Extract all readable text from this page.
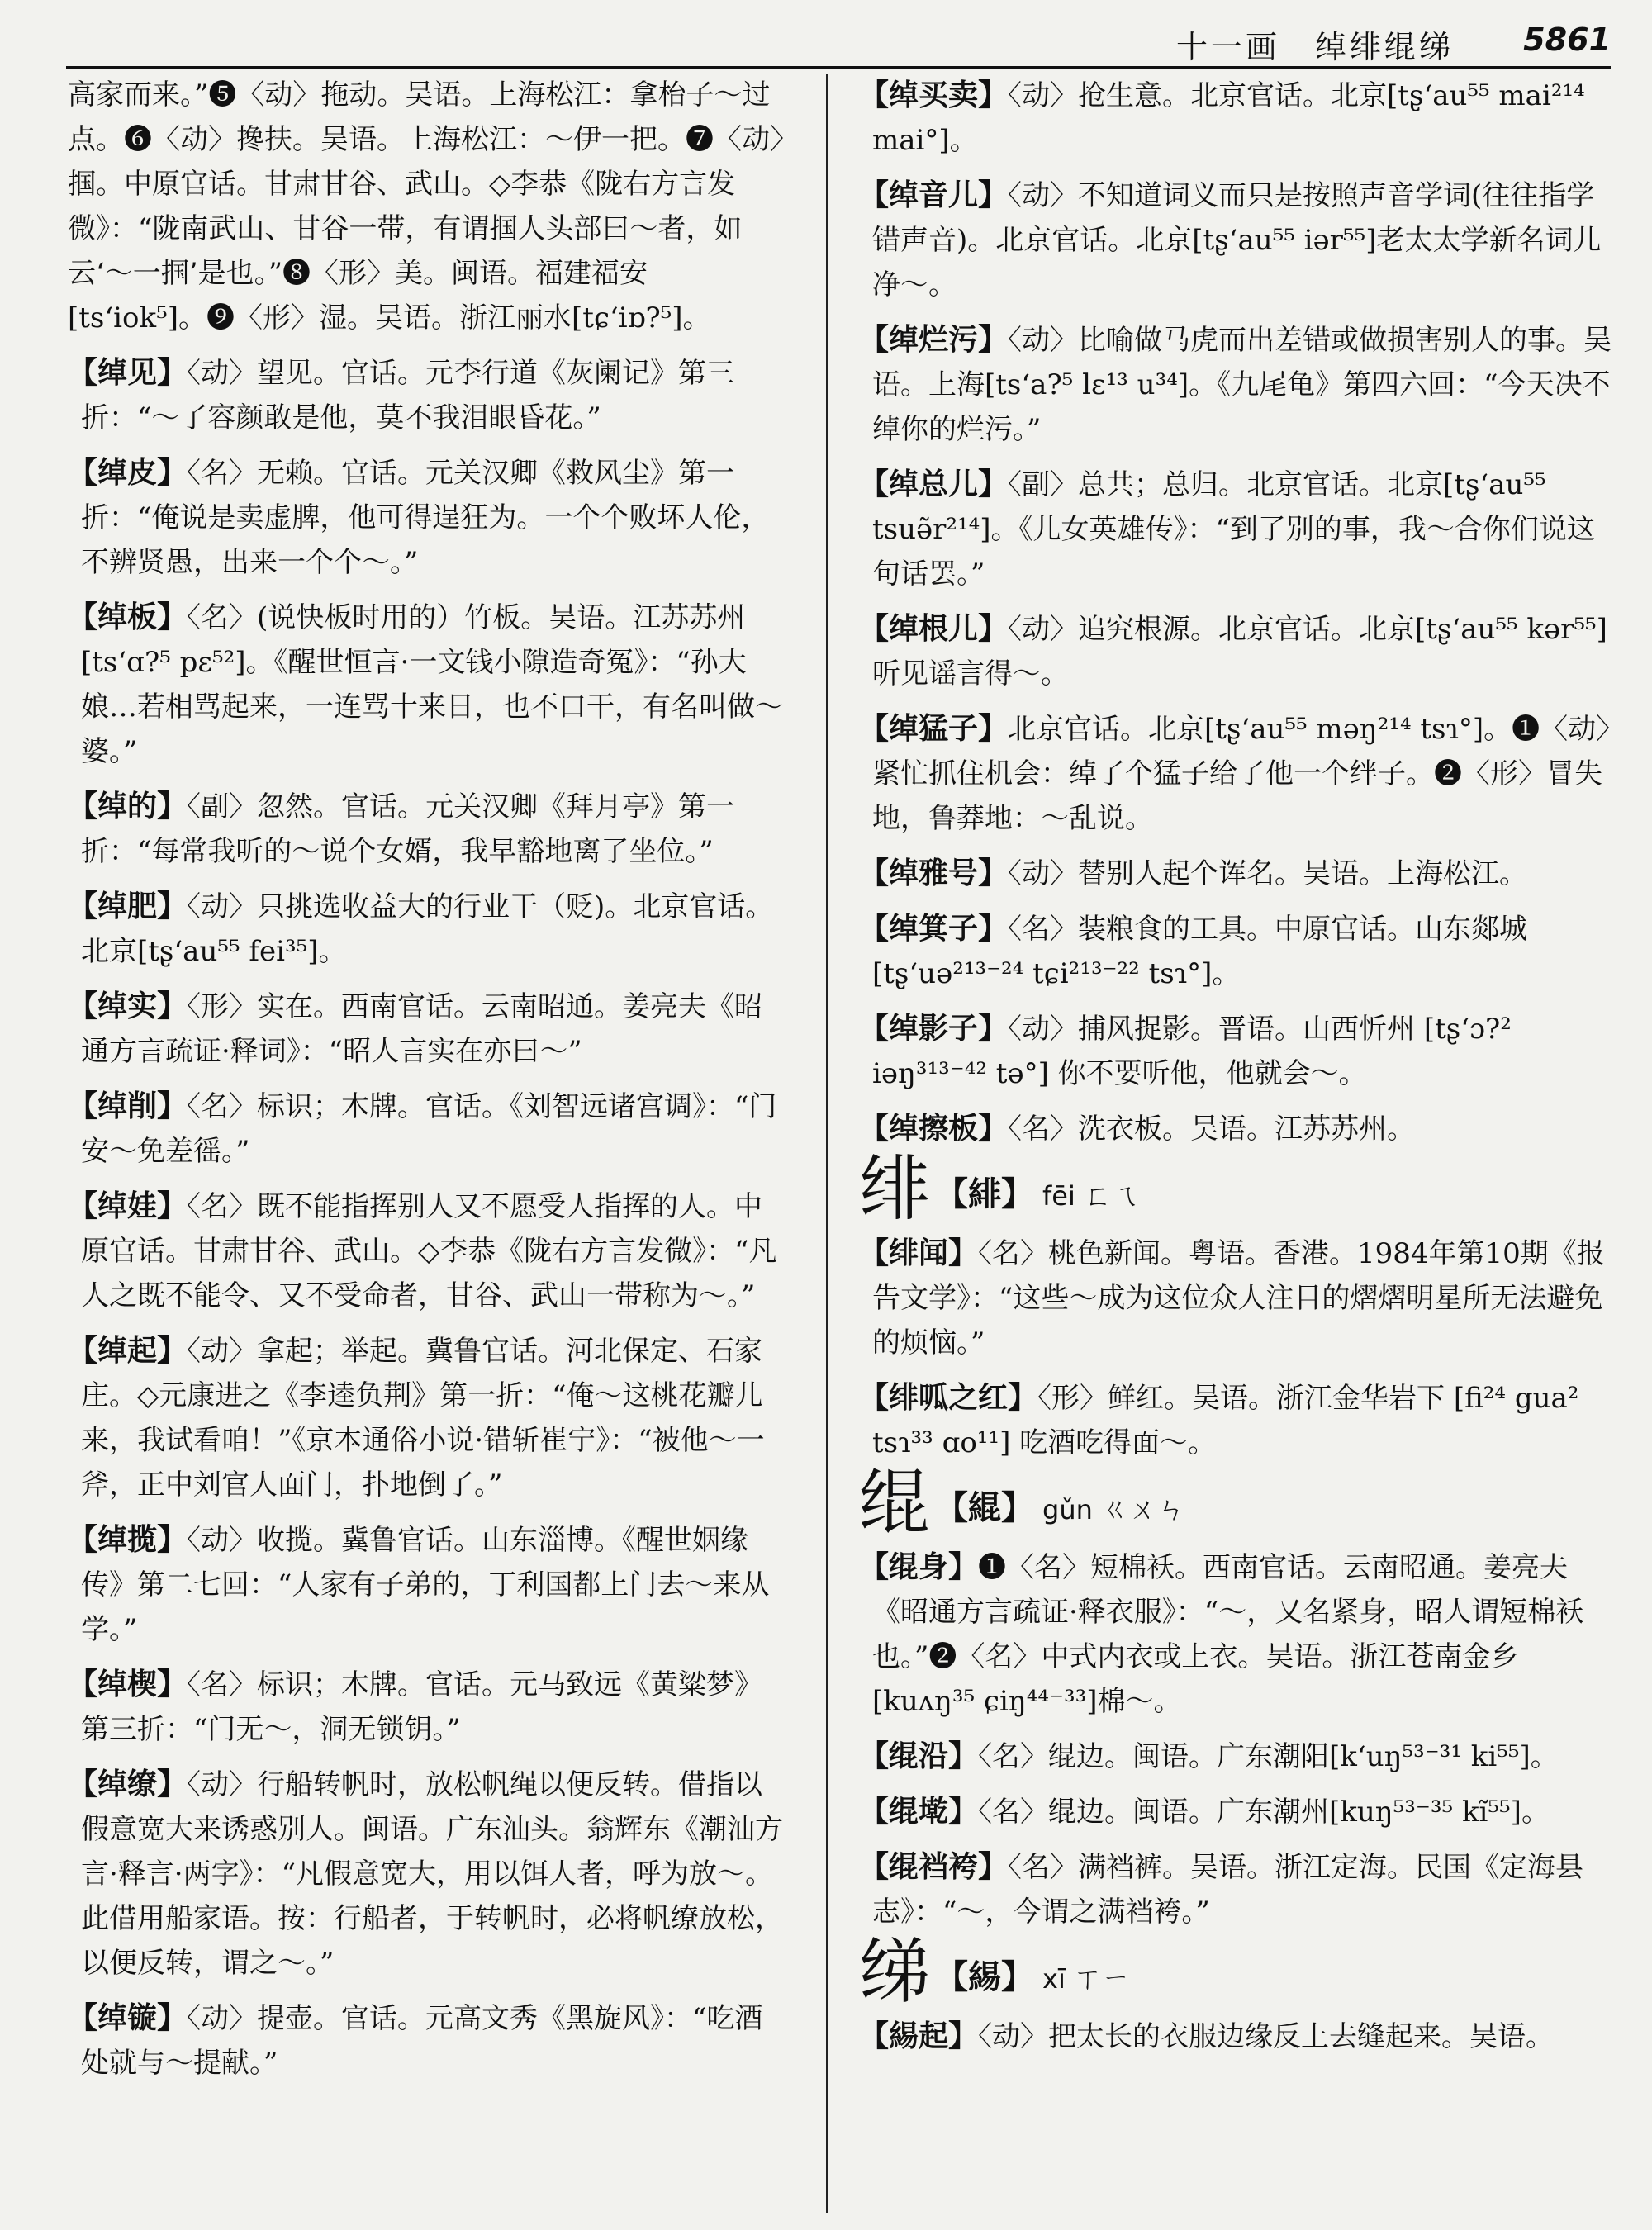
十一画　绰绯绲绨 5861

高家而来。”❺〈动〉拖动。吴语。上海松江：拿枱子～过点。❻〈动〉搀扶。吴语。上海松江：～伊一把。❼〈动〉掴。中原官话。甘肃甘谷、武山。◇李恭《陇右方言发微》：“陇南武山、甘谷一带，有谓掴人头部曰～者，如云‘～一掴’是也。”❽〈形〉美。闽语。福建福安[ts‘iok⁵]。❾〈形〉湿。吴语。浙江丽水[tɕ‘iɒ?⁵]。

【绰见】〈动〉望见。官话。元李行道《灰阑记》第三折：“～了容颜敢是他，莫不我泪眼昏花。”

【绰皮】〈名〉无赖。官话。元关汉卿《救风尘》第一折：“俺说是卖虚脾，他可得逞狂为。一个个败坏人伦，不辨贤愚，出来一个个～。”

【绰板】〈名〉(说快板时用的）竹板。吴语。江苏苏州[ts‘ɑ?⁵ pɛ⁵²]。《醒世恒言·一文钱小隙造奇冤》：“孙大娘…若相骂起来，一连骂十来日，也不口干，有名叫做～婆。”

【绰的】〈副〉忽然。官话。元关汉卿《拜月亭》第一折：“每常我听的～说个女婿，我早豁地离了坐位。”

【绰肥】〈动〉只挑选收益大的行业干（贬)。北京官话。北京[tʂ‘au⁵⁵ fei³⁵]。

【绰实】〈形〉实在。西南官话。云南昭通。姜亮夫《昭通方言疏证·释词》：“昭人言实在亦曰～”

【绰削】〈名〉标识；木牌。官话。《刘智远诸宫调》：“门安～免差徭。”

【绰娃】〈名〉既不能指挥别人又不愿受人指挥的人。中原官话。甘肃甘谷、武山。◇李恭《陇右方言发微》：“凡人之既不能令、又不受命者，甘谷、武山一带称为～。”

【绰起】〈动〉拿起；举起。冀鲁官话。河北保定、石家庄。◇元康进之《李逵负荆》第一折：“俺～这桃花瓣儿来，我试看咱！”《京本通俗小说·错斩崔宁》：“被他～一斧，正中刘官人面门，扑地倒了。”

【绰揽】〈动〉收揽。冀鲁官话。山东淄博。《醒世姻缘传》第二七回：“人家有子弟的，丁利国都上门去～来从学。”

【绰楔】〈名〉标识；木牌。官话。元马致远《黄粱梦》第三折：“门无～，洞无锁钥。”

【绰缭】〈动〉行船转帆时，放松帆绳以便反转。借指以假意宽大来诱惑别人。闽语。广东汕头。翁辉东《潮汕方言·释言·两字》：“凡假意宽大，用以饵人者，呼为放～。此借用船家语。按：行船者，于转帆时，必将帆缭放松，以便反转，谓之～。”

【绰镟】〈动〉提壶。官话。元高文秀《黑旋风》：“吃酒处就与～提献。”

【绰买卖】〈动〉抢生意。北京官话。北京[tʂ‘au⁵⁵ mai²¹⁴ mai°]。

【绰音儿】〈动〉不知道词义而只是按照声音学词(往往指学错声音)。北京官话。北京[tʂ‘au⁵⁵ iər⁵⁵]老太太学新名词儿净～。

【绰烂污】〈动〉比喻做马虎而出差错或做损害别人的事。吴语。上海[ts‘a?⁵ lɛ¹³ u³⁴]。《九尾龟》第四六回：“今天决不绰你的烂污。”

【绰总儿】〈副〉总共；总归。北京官话。北京[tʂ‘au⁵⁵ tsuə̃r²¹⁴]。《儿女英雄传》：“到了别的事，我～合你们说这句话罢。”

【绰根儿】〈动〉追究根源。北京官话。北京[tʂ‘au⁵⁵ kər⁵⁵]听见谣言得～。

【绰猛子】北京官话。北京[tʂ‘au⁵⁵ məŋ²¹⁴ tsɿ°]。❶〈动〉紧忙抓住机会：绰了个猛子给了他一个绊子。❷〈形〉冒失地，鲁莽地：～乱说。

【绰雅号】〈动〉替别人起个诨名。吴语。上海松江。

【绰箕子】〈名〉装粮食的工具。中原官话。山东郯城[tʂ‘uə²¹³⁻²⁴ tɕi²¹³⁻²² tsɿ°]。

【绰影子】〈动〉捕风捉影。晋语。山西忻州 [tʂ‘ɔ?² iəŋ³¹³⁻⁴² tə°] 你不要听他，他就会～。

【绰擦板】〈名〉洗衣板。吴语。江苏苏州。

绯 【緋】 fēi ㄈㄟ

【绯闻】〈名〉桃色新闻。粤语。香港。1984年第10期《报告文学》：“这些～成为这位众人注目的熠熠明星所无法避免的烦恼。”

【绯呱之红】〈形〉鲜红。吴语。浙江金华岩下 [fi²⁴ gua² tsɿ³³ ɑo¹¹] 吃酒吃得面～。

绲 【緄】 gǔn ㄍㄨㄣ

【绲身】❶〈名〉短棉袄。西南官话。云南昭通。姜亮夫《昭通方言疏证·释衣服》：“～，又名紧身，昭人谓短棉袄也。”❷〈名〉中式内衣或上衣。吴语。浙江苍南金乡 [kuʌŋ³⁵ ɕiŋ⁴⁴⁻³³]棉～。

【绲沿】〈名〉绲边。闽语。广东潮阳[k‘uŋ⁵³⁻³¹ ki⁵⁵]。

【绲墘】〈名〉绲边。闽语。广东潮州[kuŋ⁵³⁻³⁵ kĩ⁵⁵]。

【绲裆袴】〈名〉满裆裤。吴语。浙江定海。民国《定海县志》：“～，今谓之满裆袴。”

绨 【緆】 xī ㄒㄧ

【緆起】〈动〉把太长的衣服边缘反上去缝起来。吴语。
